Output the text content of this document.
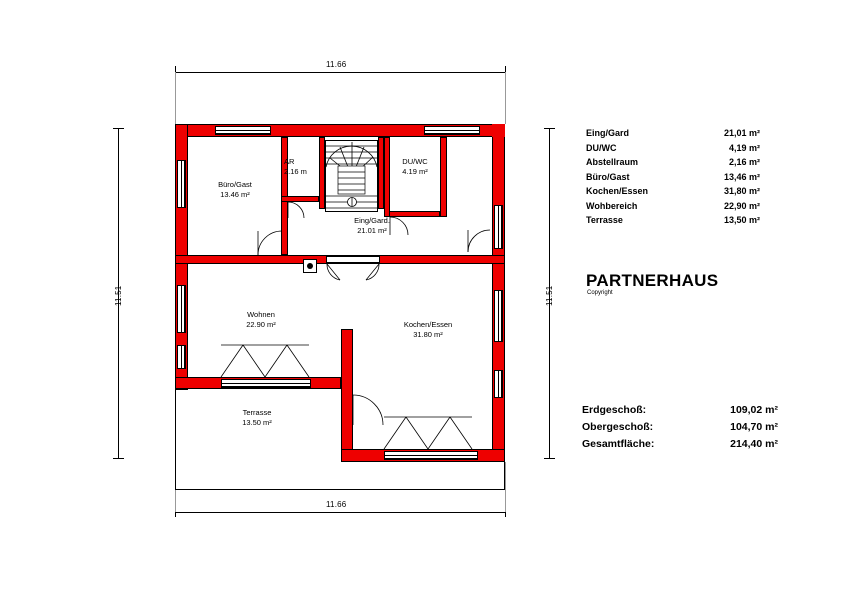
11.66
11.66
11.51	11.51
Büro/Gast
13.46 m²
AR
2.16 m
DU/WC
4.19 m²
Eing/Gard.
21.01 m²
Wohnen
22.90 m²	Kochen/Essen
31.80 m²
Terrasse
13.50 m²
Eing/Gard	21,01 m²
DU/WC	4,19 m²
Abstellraum	2,16 m²
Büro/Gast	13,46 m²
Kochen/Essen	31,80 m²
Wohbereich	22,90 m²
Terrasse	13,50 m²
PARTNERHAUS
Copyright
Erdgeschoß:	109,02 m²
Obergeschoß:	104,70 m²
Gesamtfläche:	214,40 m²
